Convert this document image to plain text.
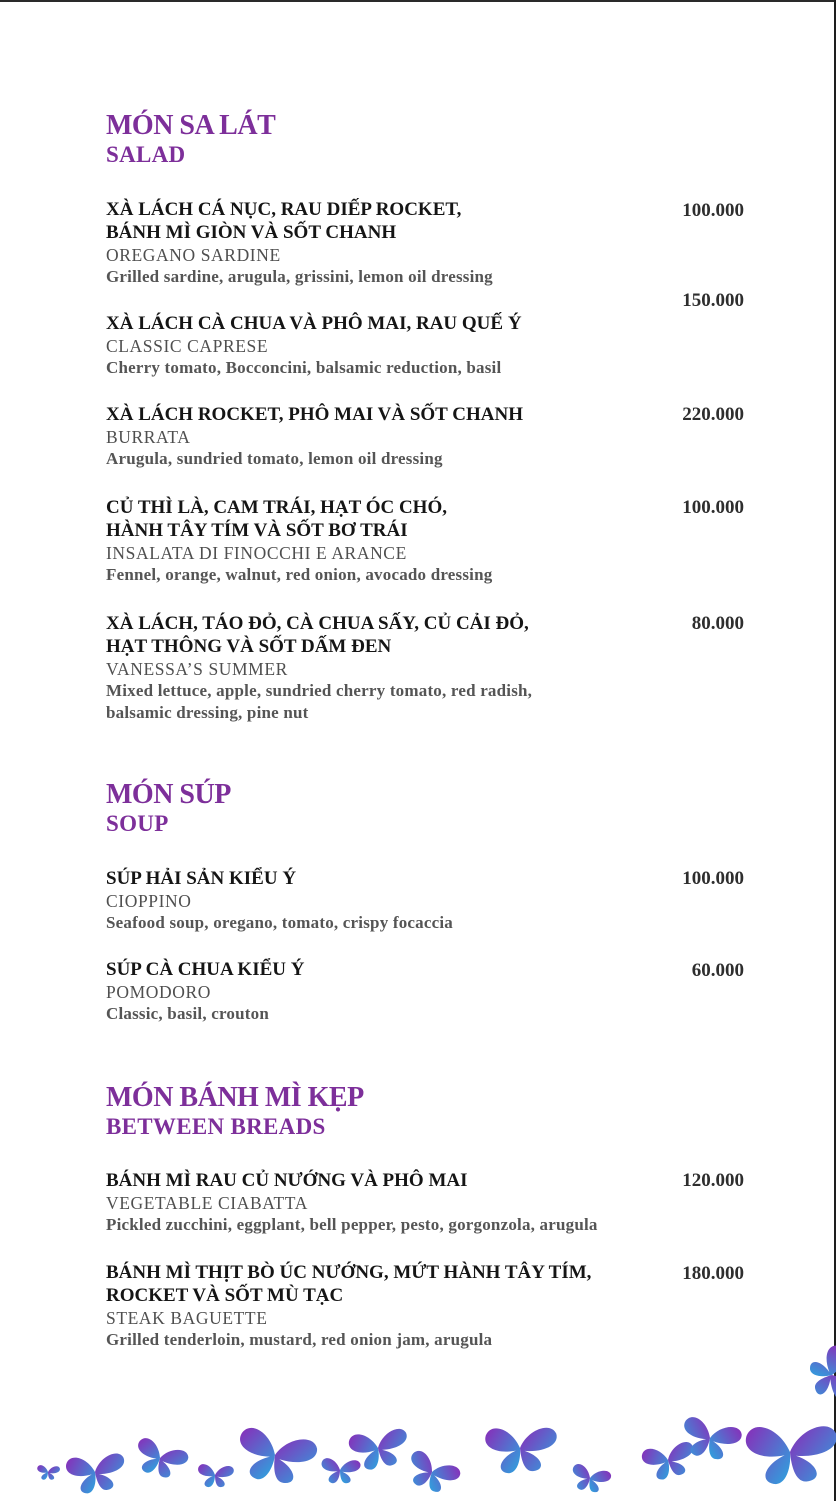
MÓN SA LÁT
SALAD
XÀ LÁCH CÁ NỤC, RAU DIẾP ROCKET,
BÁNH MÌ GIÒN VÀ SỐT CHANH
OREGANO SARDINE
Grilled sardine, arugula, grissini, lemon oil dressing
100.000
XÀ LÁCH CÀ CHUA VÀ PHÔ MAI, RAU QUẾ Ý
CLASSIC CAPRESE
Cherry tomato, Bocconcini, balsamic reduction, basil
150.000
XÀ LÁCH ROCKET, PHÔ MAI VÀ SỐT CHANH
BURRATA
Arugula, sundried tomato, lemon oil dressing
220.000
CỦ THÌ LÀ, CAM TRÁI, HẠT ÓC CHÓ,
HÀNH TÂY TÍM VÀ SỐT BƠ TRÁI
INSALATA DI FINOCCHI E ARANCE
Fennel, orange, walnut, red onion, avocado dressing
100.000
XÀ LÁCH, TÁO ĐỎ, CÀ CHUA SẤY, CỦ CẢI ĐỎ,
HẠT THÔNG VÀ SỐT DẤM ĐEN
VANESSA’S SUMMER
Mixed lettuce, apple, sundried cherry tomato, red radish,
balsamic dressing, pine nut
80.000
MÓN SÚP
SOUP
SÚP HẢI SẢN KIỂU Ý
CIOPPINO
Seafood soup, oregano, tomato, crispy focaccia
100.000
SÚP CÀ CHUA KIỂU Ý
POMODORO
Classic, basil, crouton
60.000
MÓN BÁNH MÌ KẸP
BETWEEN BREADS
BÁNH MÌ RAU CỦ NƯỚNG VÀ PHÔ MAI
VEGETABLE CIABATTA
Pickled zucchini, eggplant, bell pepper, pesto, gorgonzola, arugula
120.000
BÁNH MÌ THỊT BÒ ÚC NƯỚNG, MỨT HÀNH TÂY TÍM,
ROCKET VÀ SỐT MÙ TẠC
STEAK BAGUETTE
Grilled tenderloin, mustard, red onion jam, arugula
180.000
